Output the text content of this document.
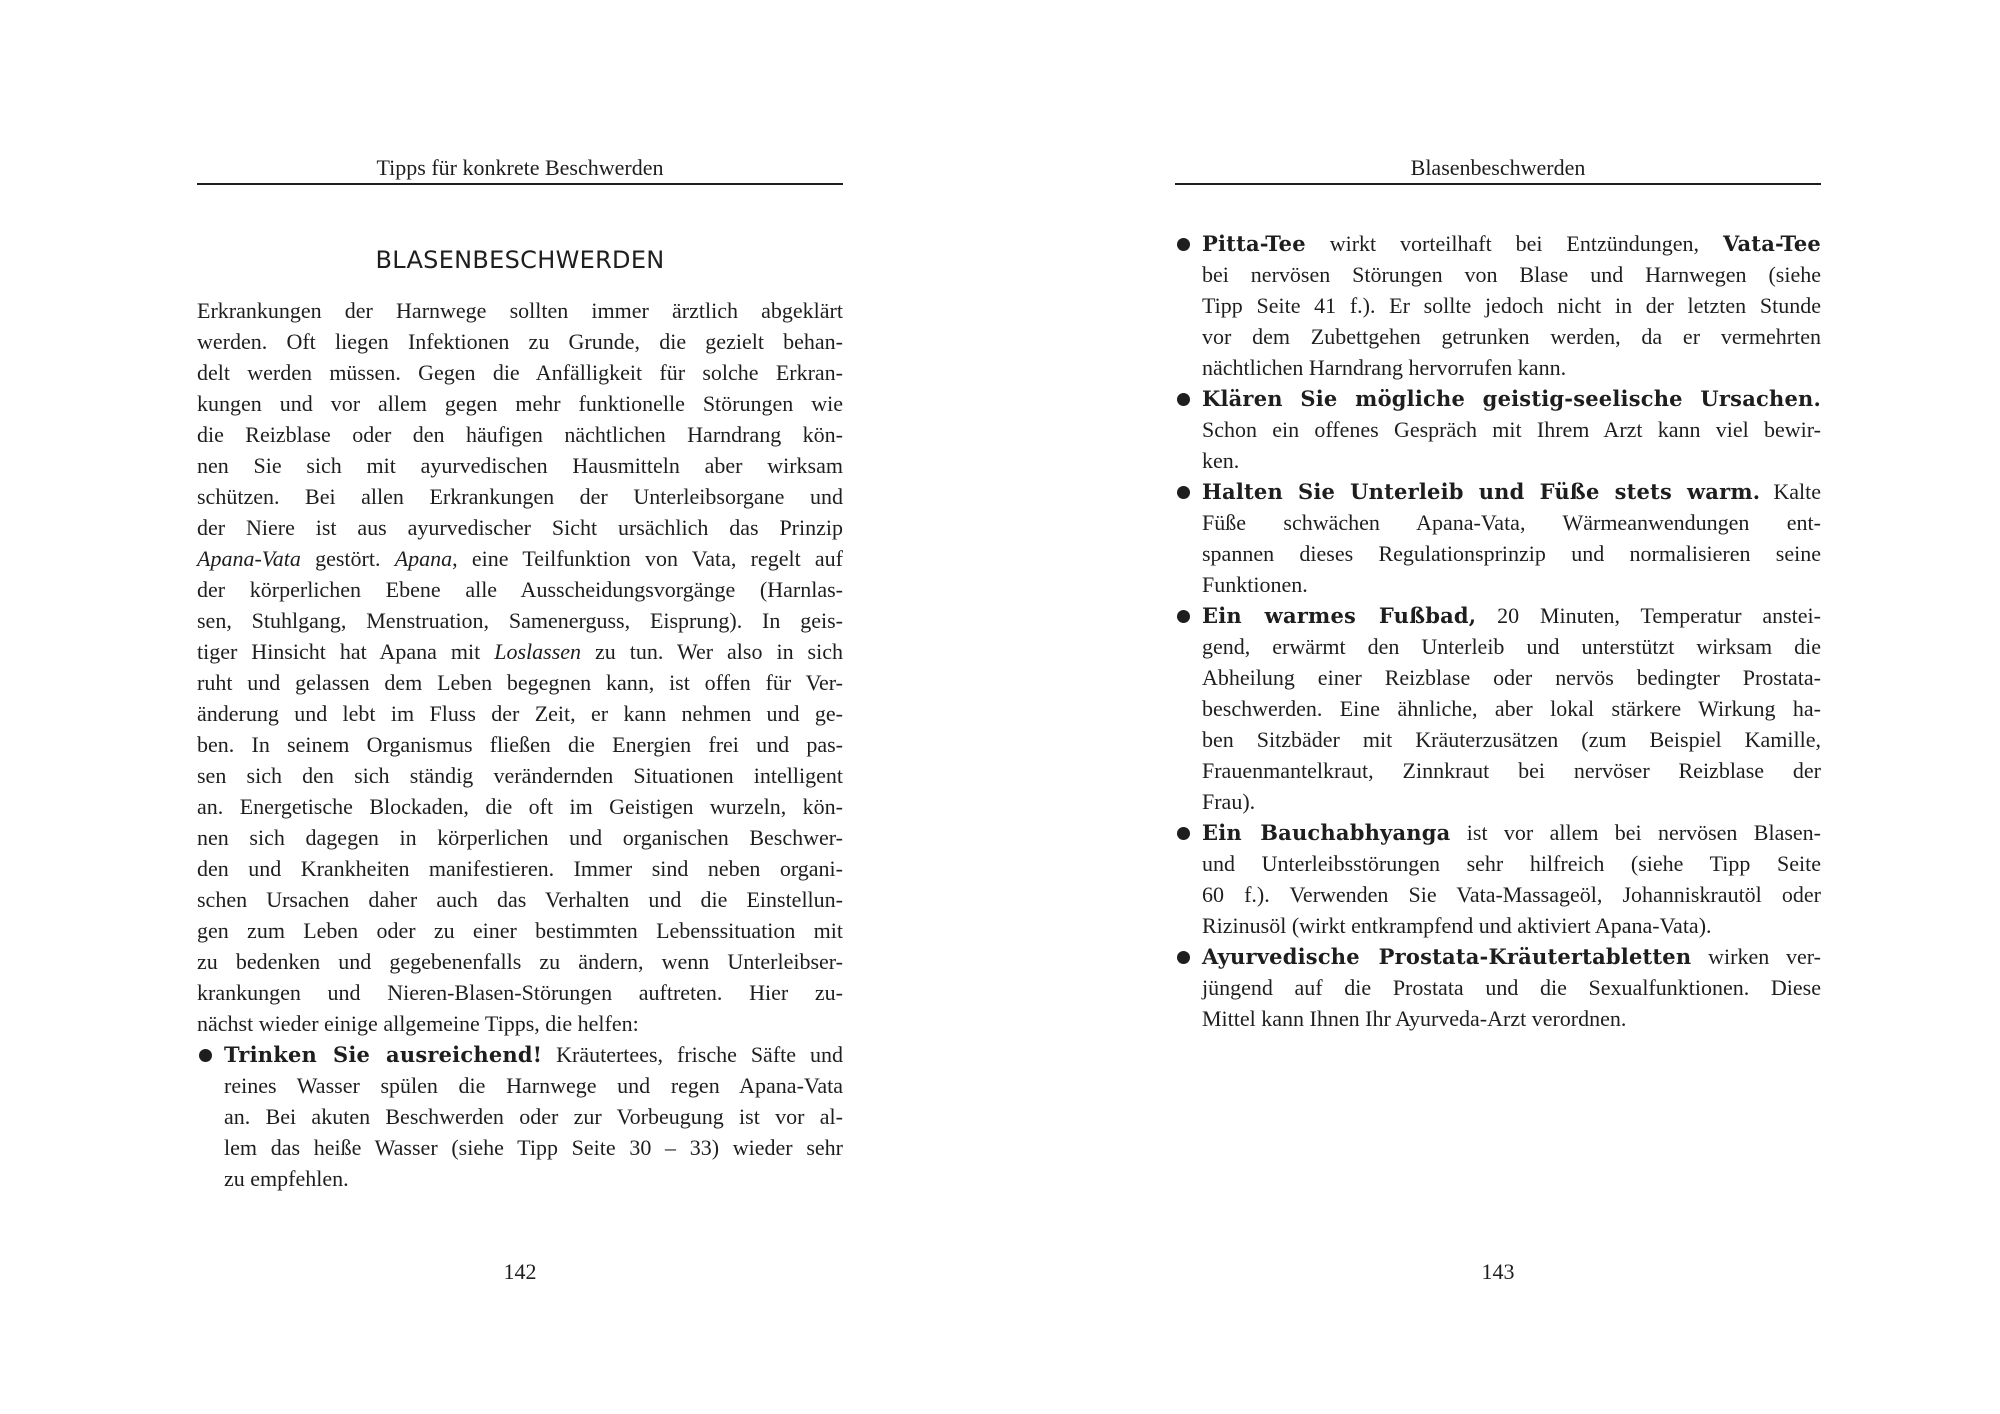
Tipps für konkrete Beschwerden
BLASENBESCHWERDEN
Erkrankungen der Harnwege sollten immer ärztlich abgeklärt
werden. Oft liegen Infektionen zu Grunde, die gezielt behan-
delt werden müssen. Gegen die Anfälligkeit für solche Erkran-
kungen und vor allem gegen mehr funktionelle Störungen wie
die Reizblase oder den häufigen nächtlichen Harndrang kön-
nen Sie sich mit ayurvedischen Hausmitteln aber wirksam
schützen. Bei allen Erkrankungen der Unterleibsorgane und
der Niere ist aus ayurvedischer Sicht ursächlich das Prinzip
Apana-Vata gestört. Apana, eine Teilfunktion von Vata, regelt auf
der körperlichen Ebene alle Ausscheidungsvorgänge (Harnlas-
sen, Stuhlgang, Menstruation, Samenerguss, Eisprung). In geis-
tiger Hinsicht hat Apana mit Loslassen zu tun. Wer also in sich
ruht und gelassen dem Leben begegnen kann, ist offen für Ver-
änderung und lebt im Fluss der Zeit, er kann nehmen und ge-
ben. In seinem Organismus fließen die Energien frei und pas-
sen sich den sich ständig verändernden Situationen intelligent
an. Energetische Blockaden, die oft im Geistigen wurzeln, kön-
nen sich dagegen in körperlichen und organischen Beschwer-
den und Krankheiten manifestieren. Immer sind neben organi-
schen Ursachen daher auch das Verhalten und die Einstellun-
gen zum Leben oder zu einer bestimmten Lebenssituation mit
zu bedenken und gegebenenfalls zu ändern, wenn Unterleibser-
krankungen und Nieren-Blasen-Störungen auftreten. Hier zu-
nächst wieder einige allgemeine Tipps, die helfen:
Trinken Sie ausreichend! Kräutertees, frische Säfte und
reines Wasser spülen die Harnwege und regen Apana-Vata
an. Bei akuten Beschwerden oder zur Vorbeugung ist vor al-
lem das heiße Wasser (siehe Tipp Seite 30 – 33) wieder sehr
zu empfehlen.
142
Blasenbeschwerden
Pitta-Tee wirkt vorteilhaft bei Entzündungen, Vata-Tee
bei nervösen Störungen von Blase und Harnwegen (siehe
Tipp Seite 41 f.). Er sollte jedoch nicht in der letzten Stunde
vor dem Zubettgehen getrunken werden, da er vermehrten
nächtlichen Harndrang hervorrufen kann.
Klären Sie mögliche geistig-seelische Ursachen.
Schon ein offenes Gespräch mit Ihrem Arzt kann viel bewir-
ken.
Halten Sie Unterleib und Füße stets warm. Kalte
Füße schwächen Apana-Vata, Wärmeanwendungen ent-
spannen dieses Regulationsprinzip und normalisieren seine
Funktionen.
Ein warmes Fußbad, 20 Minuten, Temperatur anstei-
gend, erwärmt den Unterleib und unterstützt wirksam die
Abheilung einer Reizblase oder nervös bedingter Prostata-
beschwerden. Eine ähnliche, aber lokal stärkere Wirkung ha-
ben Sitzbäder mit Kräuterzusätzen (zum Beispiel Kamille,
Frauenmantelkraut, Zinnkraut bei nervöser Reizblase der
Frau).
Ein Bauchabhyanga ist vor allem bei nervösen Blasen-
und Unterleibsstörungen sehr hilfreich (siehe Tipp Seite
60 f.). Verwenden Sie Vata-Massageöl, Johanniskrautöl oder
Rizinusöl (wirkt entkrampfend und aktiviert Apana-Vata).
Ayurvedische Prostata-Kräutertabletten wirken ver-
jüngend auf die Prostata und die Sexualfunktionen. Diese
Mittel kann Ihnen Ihr Ayurveda-Arzt verordnen.
143
